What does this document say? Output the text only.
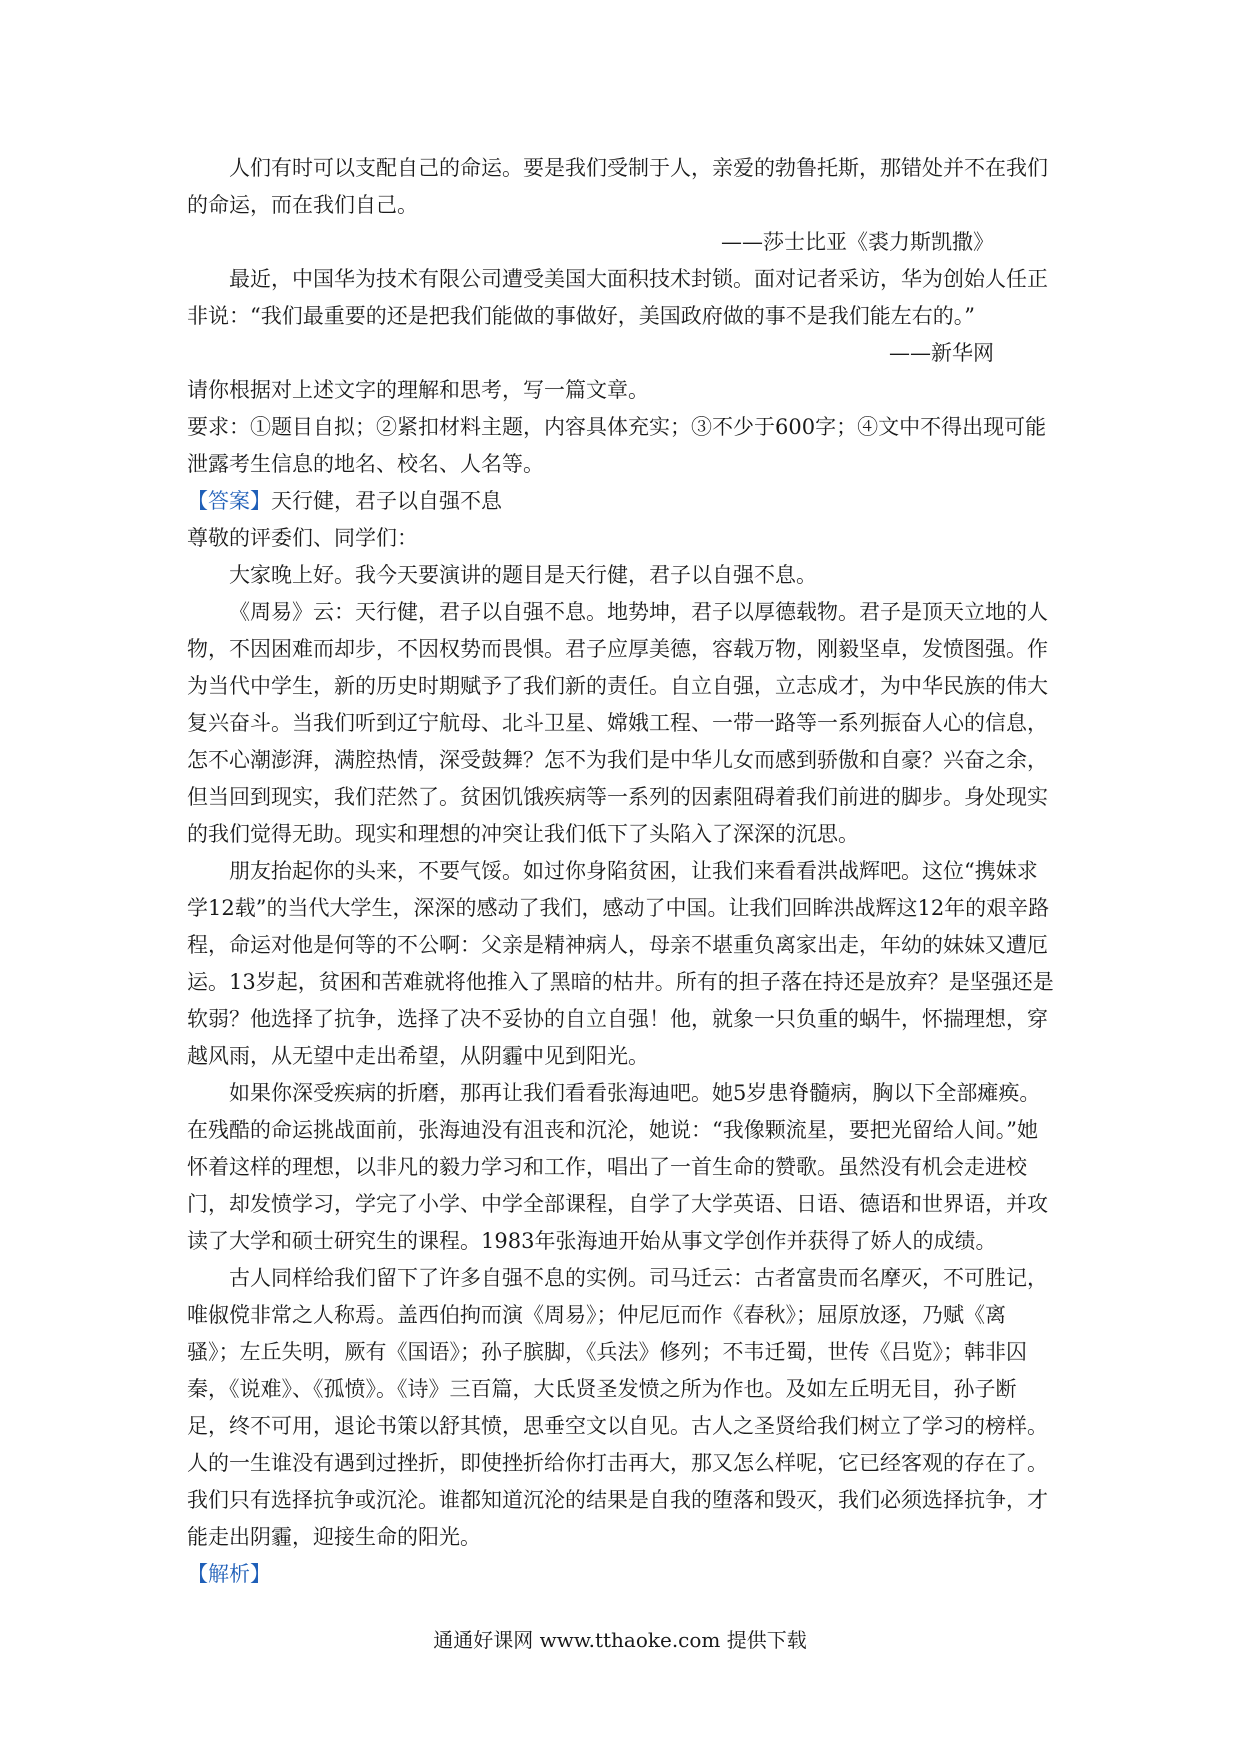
人们有时可以支配自己的命运。要是我们受制于人，亲爱的勃鲁托斯，那错处并不在我们的命运，而在我们自己。

——莎士比亚《裘力斯凯撒》

最近，中国华为技术有限公司遭受美国大面积技术封锁。面对记者采访，华为创始人任正非说：“我们最重要的还是把我们能做的事做好，美国政府做的事不是我们能左右的。”

——新华网

请你根据对上述文字的理解和思考，写一篇文章。

要求：①题目自拟；②紧扣材料主题，内容具体充实；③不少于600字；④文中不得出现可能泄露考生信息的地名、校名、人名等。

【答案】天行健，君子以自强不息

尊敬的评委们、同学们：

大家晚上好。我今天要演讲的题目是天行健，君子以自强不息。

《周易》云：天行健，君子以自强不息。地势坤，君子以厚德载物。君子是顶天立地的人物，不因困难而却步，不因权势而畏惧。君子应厚美德，容载万物，刚毅坚卓，发愤图强。作为当代中学生，新的历史时期赋予了我们新的责任。自立自强，立志成才，为中华民族的伟大复兴奋斗。当我们听到辽宁航母、北斗卫星、嫦娥工程、一带一路等一系列振奋人心的信息，怎不心潮澎湃，满腔热情，深受鼓舞？怎不为我们是中华儿女而感到骄傲和自豪？兴奋之余，但当回到现实，我们茫然了。贫困饥饿疾病等一系列的因素阻碍着我们前进的脚步。身处现实的我们觉得无助。现实和理想的冲突让我们低下了头陷入了深深的沉思。

朋友抬起你的头来，不要气馁。如过你身陷贫困，让我们来看看洪战辉吧。这位“携妹求学12载”的当代大学生，深深的感动了我们，感动了中国。让我们回眸洪战辉这12年的艰辛路程，命运对他是何等的不公啊：父亲是精神病人，母亲不堪重负离家出走，年幼的妹妹又遭厄运。13岁起，贫困和苦难就将他推入了黑暗的枯井。所有的担子落在持还是放弃？是坚强还是软弱？他选择了抗争，选择了决不妥协的自立自强！他，就象一只负重的蜗牛，怀揣理想，穿越风雨，从无望中走出希望，从阴霾中见到阳光。

如果你深受疾病的折磨，那再让我们看看张海迪吧。她5岁患脊髓病，胸以下全部瘫痪。在残酷的命运挑战面前，张海迪没有沮丧和沉沦，她说：“我像颗流星，要把光留给人间。”她怀着这样的理想，以非凡的毅力学习和工作，唱出了一首生命的赞歌。虽然没有机会走进校门，却发愤学习，学完了小学、中学全部课程，自学了大学英语、日语、德语和世界语，并攻读了大学和硕士研究生的课程。1983年张海迪开始从事文学创作并获得了娇人的成绩。

古人同样给我们留下了许多自强不息的实例。司马迁云：古者富贵而名摩灭，不可胜记，唯俶傥非常之人称焉。盖西伯拘而演《周易》；仲尼厄而作《春秋》；屈原放逐，乃赋《离骚》；左丘失明，厥有《国语》；孙子膑脚，《兵法》修列；不韦迁蜀，世传《吕览》；韩非囚秦，《说难》、《孤愤》。《诗》三百篇，大氐贤圣发愤之所为作也。及如左丘明无目，孙子断足，终不可用，退论书策以舒其愤，思垂空文以自见。古人之圣贤给我们树立了学习的榜样。

人的一生谁没有遇到过挫折，即使挫折给你打击再大，那又怎么样呢，它已经客观的存在了。我们只有选择抗争或沉沦。谁都知道沉沦的结果是自我的堕落和毁灭，我们必须选择抗争，才能走出阴霾，迎接生命的阳光。

【解析】

通通好课网 www.tthaoke.com 提供下载
